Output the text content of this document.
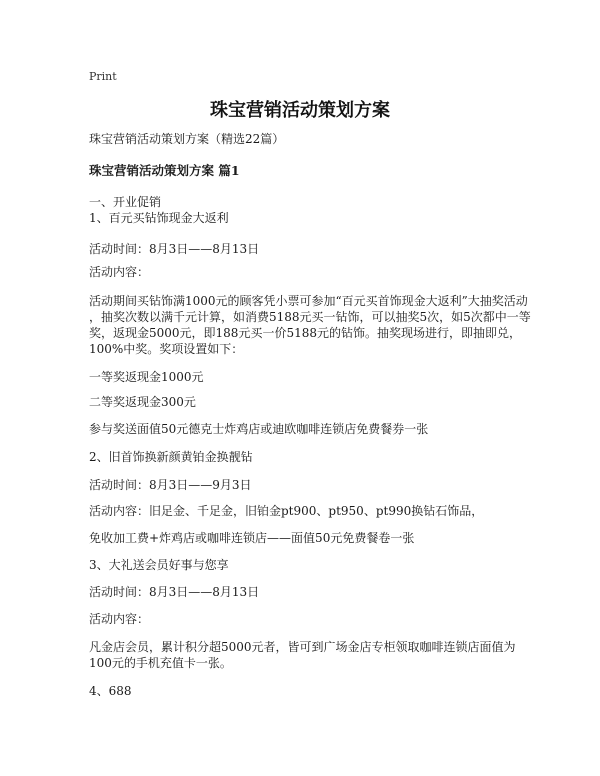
Print
珠宝营销活动策划方案
珠宝营销活动策划方案（精选22篇）
珠宝营销活动策划方案 篇1
一、开业促销
1、百元买钻饰现金大返利
活动时间：8月3日——8月13日
活动内容：
活动期间买钻饰满1000元的顾客凭小票可参加“百元买首饰现金大返利”大抽奖活动
，抽奖次数以满千元计算，如消费5188元买一钻饰，可以抽奖5次，如5次都中一等
奖，返现金5000元，即188元买一价5188元的钻饰。抽奖现场进行，即抽即兑，
100%中奖。奖项设置如下：
一等奖返现金1000元
二等奖返现金300元
参与奖送面值50元德克士炸鸡店或迪欧咖啡连锁店免费餐券一张
2、旧首饰换新颜黄铂金换靓钻
活动时间：8月3日——9月3日
活动内容：旧足金、千足金，旧铂金pt900、pt950、pt990换钻石饰品，
免收加工费+炸鸡店或咖啡连锁店——面值50元免费餐卷一张
3、大礼送会员好事与您享
活动时间：8月3日——8月13日
活动内容：
凡金店会员，累计积分超5000元者，皆可到广场金店专柜领取咖啡连锁店面值为
100元的手机充值卡一张。
4、688
